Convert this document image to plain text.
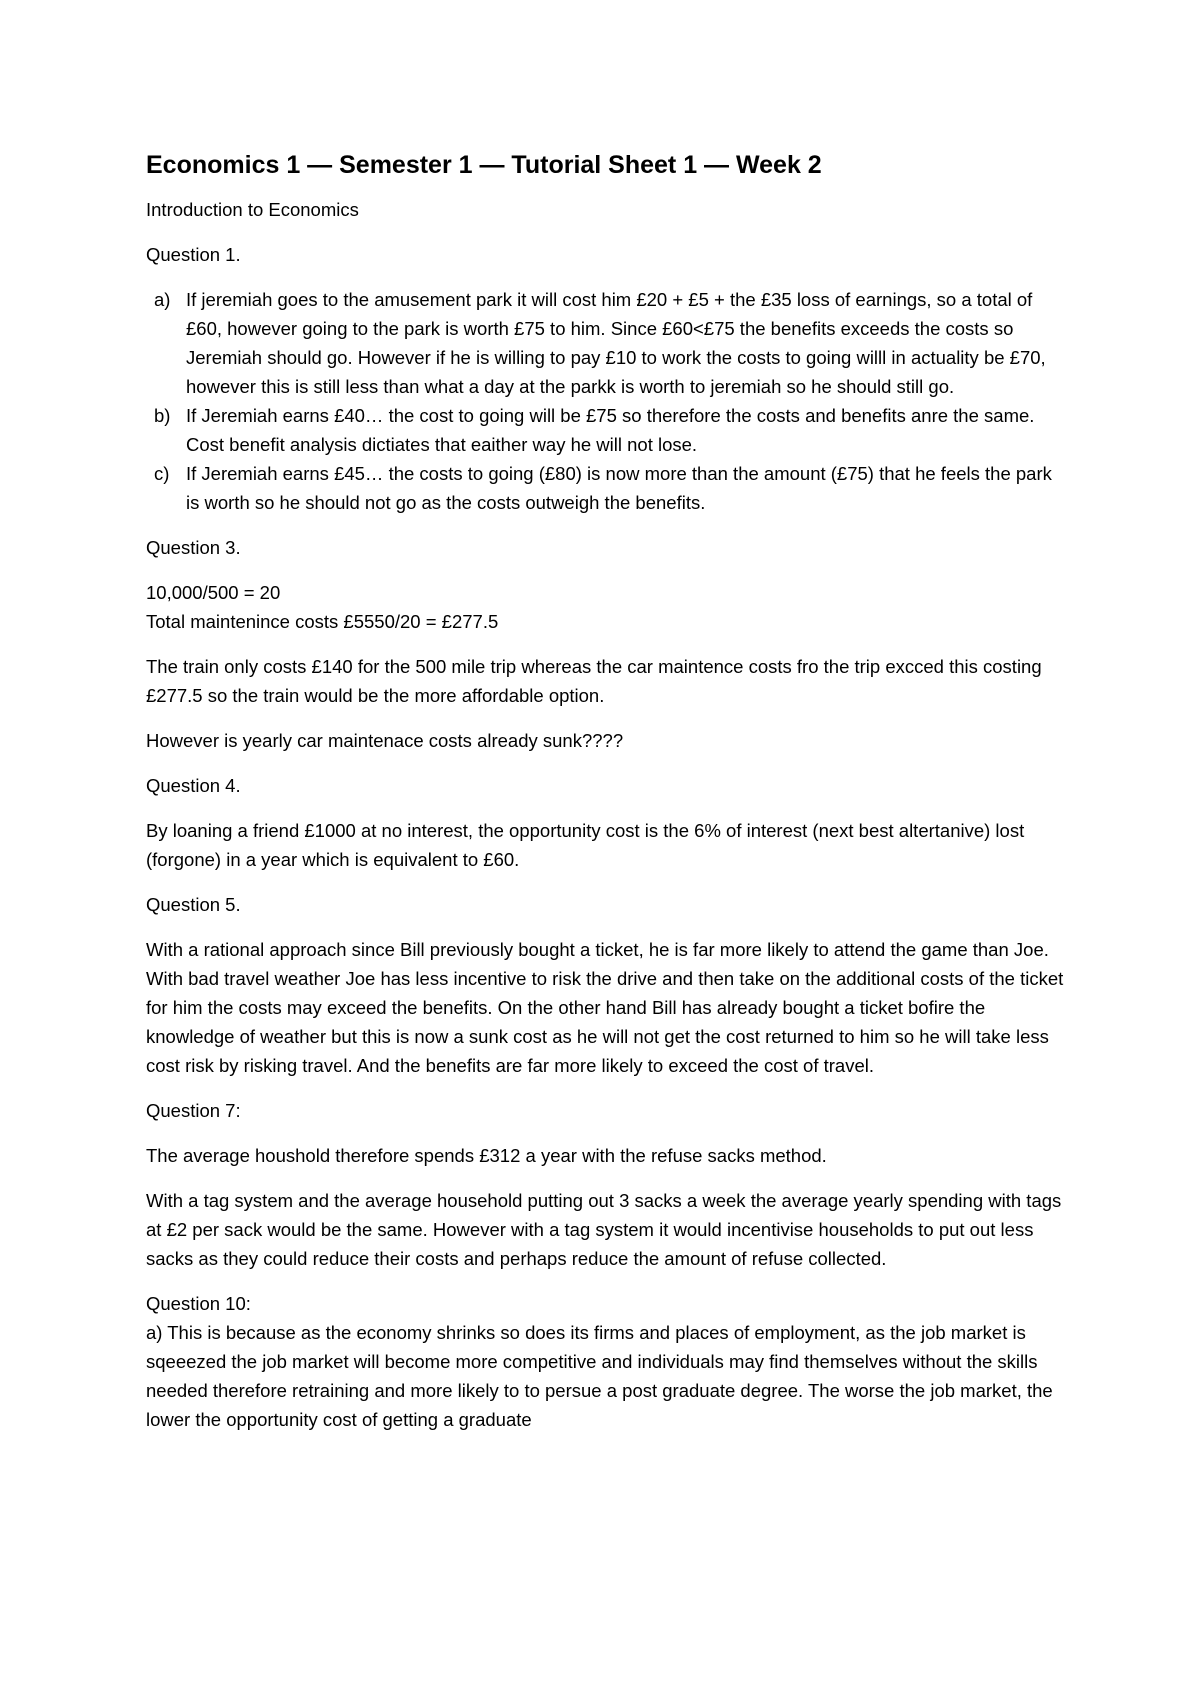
Economics 1 — Semester 1 — Tutorial Sheet 1 — Week 2

Introduction to Economics

Question 1.

a) If jeremiah goes to the amusement park it will cost him £20 + £5 + the £35 loss of earnings, so a total of £60, however going to the park is worth £75 to him. Since £60<£75 the benefits exceeds the costs so Jeremiah should go. However if he is willing to pay £10 to work the costs to going willl in actuality be £70, however this is still less than what a day at the parkk is worth to jeremiah so he should still go.
b) If Jeremiah earns £40… the cost to going will be £75 so therefore the costs and benefits anre the same. Cost benefit analysis dictiates that eaither way he will not lose.
c) If Jeremiah earns £45… the costs to going (£80) is now more than the amount (£75) that he feels the park is worth so he should not go as the costs outweigh the benefits.

Question 3.

10,000/500 = 20
Total maintenince costs £5550/20 = £277.5

The train only costs £140 for the 500 mile trip whereas the car maintence costs fro the trip excced this costing £277.5 so the train would be the more affordable option.

However is yearly car maintenace costs already sunk????

Question 4.

By loaning a friend £1000 at no interest, the opportunity cost is the 6% of interest (next best altertanive) lost (forgone) in a year which is equivalent to £60.

Question 5.

With a rational approach since Bill previously bought a ticket, he is far more likely to attend the game than Joe. With bad travel weather Joe has less incentive to risk the drive and then take on the additional costs of the ticket for him the costs may exceed the benefits. On the other hand Bill has already bought a ticket bofire the knowledge of weather but this is now a sunk cost as he will not get the cost returned to him so he will take less cost risk by risking travel. And the benefits are far more likely to exceed the cost of travel.

Question 7:

The average houshold therefore spends £312 a year with the refuse sacks method.

With a tag system and the average household putting out 3 sacks a week the average yearly spending with tags at £2 per sack would be the same. However with a tag system it would incentivise households to put out less sacks as they could reduce their costs and perhaps reduce the amount of refuse collected.

Question 10:

a) This is because as the economy shrinks so does its firms and places of employment, as the job market is sqeeezed the job market will become more competitive and individuals may find themselves without the skills needed therefore retraining and more likely to to persue a post graduate degree. The worse the job market, the lower the opportunity cost of getting a graduate
